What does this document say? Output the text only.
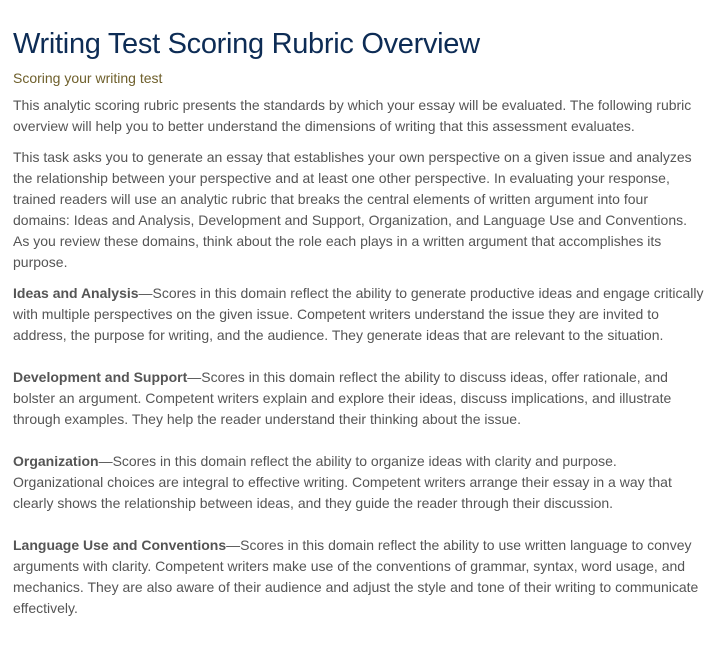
Writing Test Scoring Rubric Overview
Scoring your writing test

This analytic scoring rubric presents the standards by which your essay will be evaluated. The following rubric overview will help you to better understand the dimensions of writing that this assessment evaluates.

This task asks you to generate an essay that establishes your own perspective on a given issue and analyzes the relationship between your perspective and at least one other perspective. In evaluating your response, trained readers will use an analytic rubric that breaks the central elements of written argument into four domains: Ideas and Analysis, Development and Support, Organization, and Language Use and Conventions. As you review these domains, think about the role each plays in a written argument that accomplishes its purpose.

Ideas and Analysis—Scores in this domain reflect the ability to generate productive ideas and engage critically with multiple perspectives on the given issue. Competent writers understand the issue they are invited to address, the purpose for writing, and the audience. They generate ideas that are relevant to the situation.

Development and Support—Scores in this domain reflect the ability to discuss ideas, offer rationale, and bolster an argument. Competent writers explain and explore their ideas, discuss implications, and illustrate through examples. They help the reader understand their thinking about the issue.

Organization—Scores in this domain reflect the ability to organize ideas with clarity and purpose. Organizational choices are integral to effective writing. Competent writers arrange their essay in a way that clearly shows the relationship between ideas, and they guide the reader through their discussion.

Language Use and Conventions—Scores in this domain reflect the ability to use written language to convey arguments with clarity. Competent writers make use of the conventions of grammar, syntax, word usage, and mechanics. They are also aware of their audience and adjust the style and tone of their writing to communicate effectively.
